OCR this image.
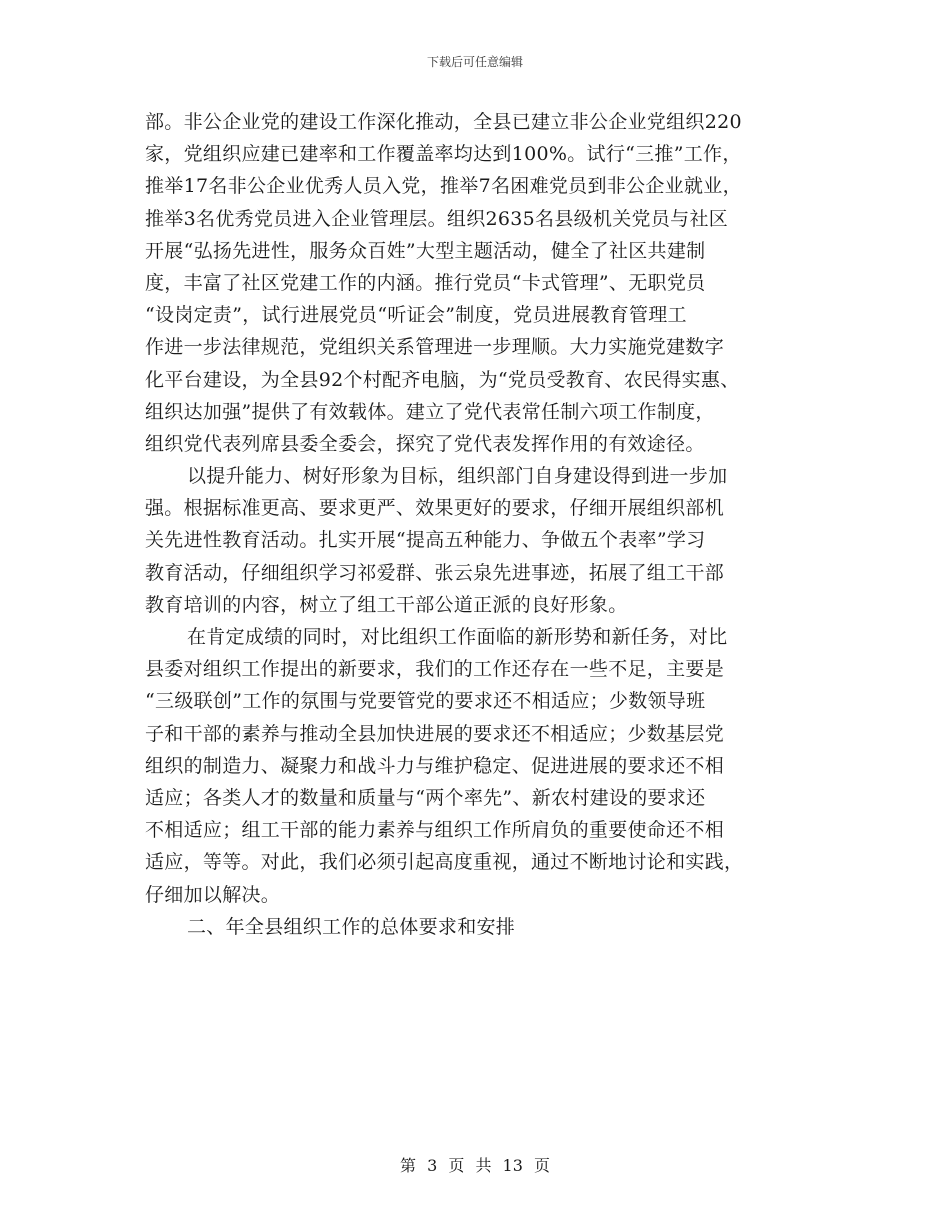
下载后可任意编辑
部。非公企业党的建设工作深化推动，全县已建立非公企业党组织220
家，党组织应建已建率和工作覆盖率均达到100%。试行“三推”工作，
推举17名非公企业优秀人员入党，推举7名困难党员到非公企业就业，
推举3名优秀党员进入企业管理层。组织2635名县级机关党员与社区
开展“弘扬先进性，服务众百姓”大型主题活动，健全了社区共建制
度，丰富了社区党建工作的内涵。推行党员“卡式管理”、无职党员
“设岗定责”，试行进展党员“听证会”制度，党员进展教育管理工
作进一步法律规范，党组织关系管理进一步理顺。大力实施党建数字
化平台建设，为全县92个村配齐电脑，为“党员受教育、农民得实惠、
组织达加强”提供了有效载体。建立了党代表常任制六项工作制度，
组织党代表列席县委全委会，探究了党代表发挥作用的有效途径。
以提升能力、树好形象为目标，组织部门自身建设得到进一步加
强。根据标准更高、要求更严、效果更好的要求，仔细开展组织部机
关先进性教育活动。扎实开展“提高五种能力、争做五个表率”学习
教育活动，仔细组织学习祁爱群、张云泉先进事迹，拓展了组工干部
教育培训的内容，树立了组工干部公道正派的良好形象。
在肯定成绩的同时，对比组织工作面临的新形势和新任务，对比
县委对组织工作提出的新要求，我们的工作还存在一些不足，主要是
“三级联创”工作的氛围与党要管党的要求还不相适应；少数领导班
子和干部的素养与推动全县加快进展的要求还不相适应；少数基层党
组织的制造力、凝聚力和战斗力与维护稳定、促进进展的要求还不相
适应；各类人才的数量和质量与“两个率先”、新农村建设的要求还
不相适应；组工干部的能力素养与组织工作所肩负的重要使命还不相
适应，等等。对此，我们必须引起高度重视，通过不断地讨论和实践，
仔细加以解决。
二、年全县组织工作的总体要求和安排
第 3 页 共 13 页
